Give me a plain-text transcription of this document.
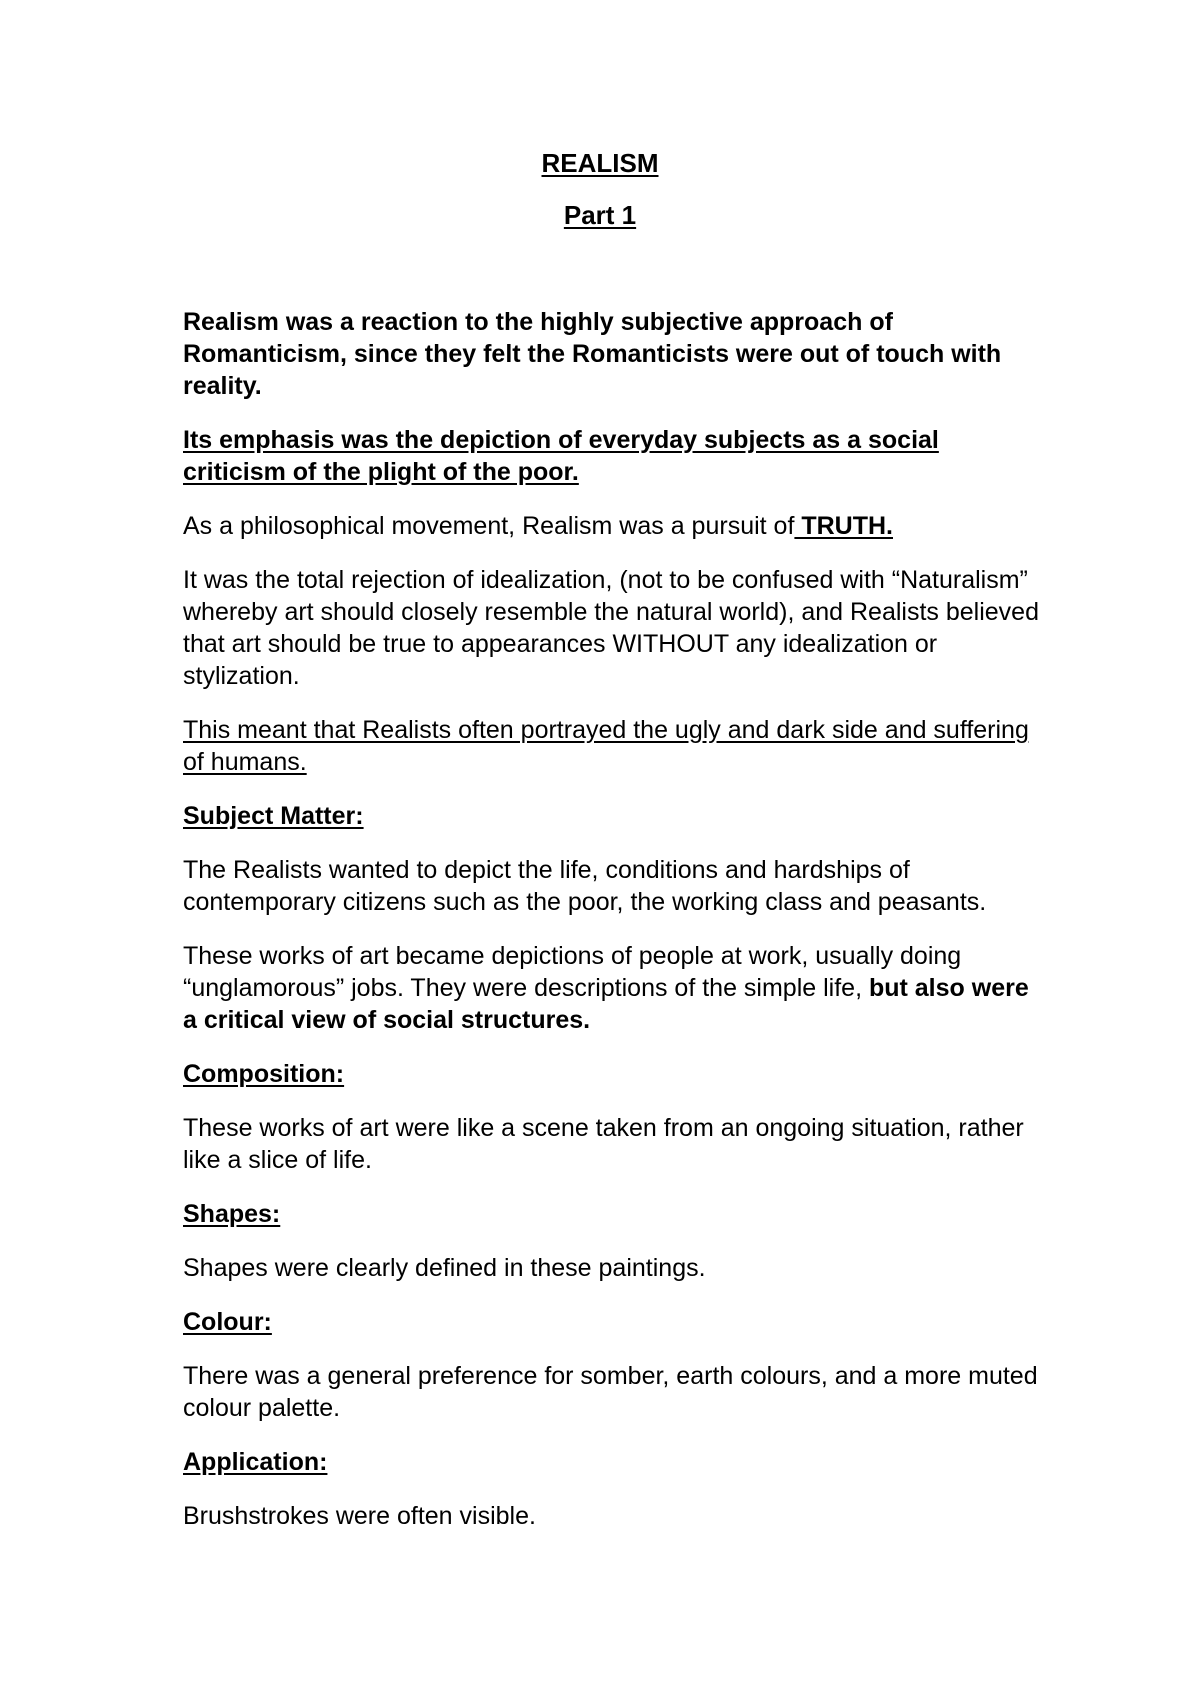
REALISM
Part 1

Realism was a reaction to the highly subjective approach of Romanticism, since they felt the Romanticists were out of touch with reality.

Its emphasis was the depiction of everyday subjects as a social criticism of the plight of the poor.

As a philosophical movement, Realism was a pursuit of TRUTH.

It was the total rejection of idealization, (not to be confused with “Naturalism” whereby art should closely resemble the natural world), and Realists believed that art should be true to appearances WITHOUT any idealization or stylization.

This meant that Realists often portrayed the ugly and dark side and suffering of humans.

Subject Matter:

The Realists wanted to depict the life, conditions and hardships of contemporary citizens such as the poor, the working class and peasants.

These works of art became depictions of people at work, usually doing “unglamorous” jobs. They were descriptions of the simple life, but also were a critical view of social structures.

Composition:

These works of art were like a scene taken from an ongoing situation, rather like a slice of life.

Shapes:

Shapes were clearly defined in these paintings.

Colour:

There was a general preference for somber, earth colours, and a more muted colour palette.

Application:

Brushstrokes were often visible.
